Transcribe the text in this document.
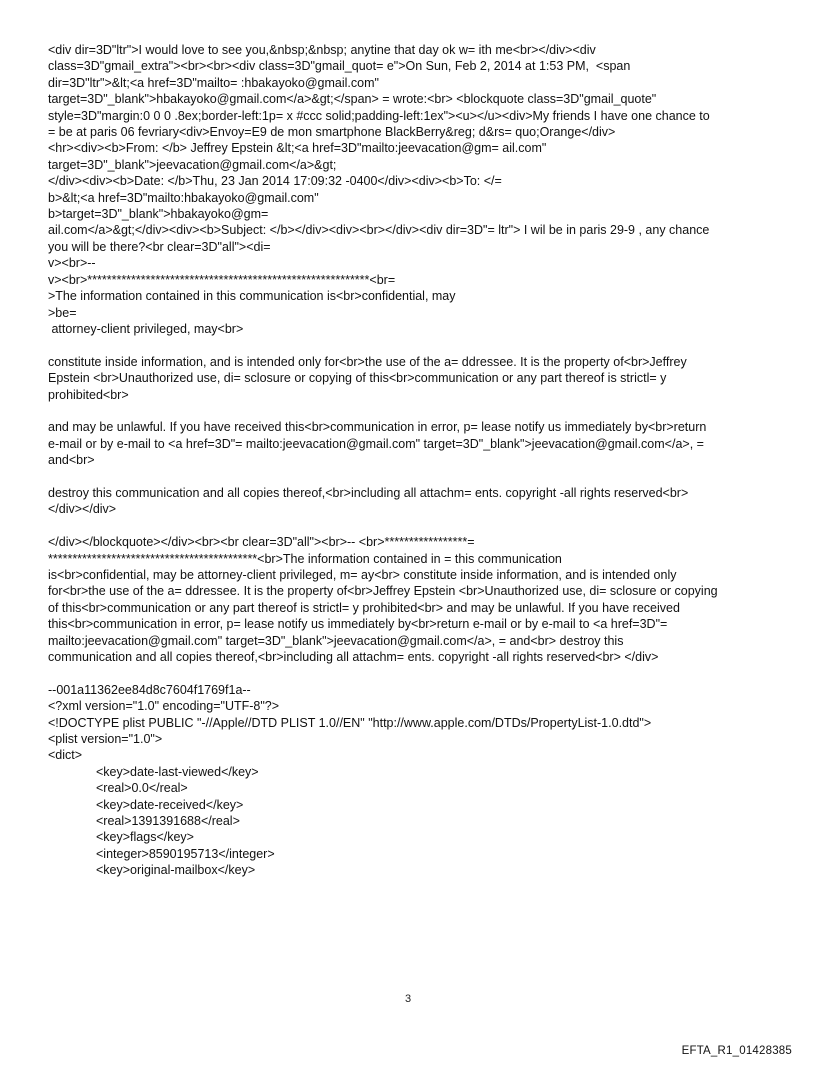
<div dir=3D"ltr">I would love to see you,&nbsp;&nbsp; anytine that day ok w= ith me<br></div><div

class=3D"gmail_extra"><br><br><div class=3D"gmail_quot= e">On Sun, Feb 2, 2014 at 1:53 PM,  <span

dir=3D"ltr">&lt;<a href=3D"mailto= :hbakayoko@gmail.com"

target=3D"_blank">hbakayoko@gmail.com</a>&gt;</span> = wrote:<br> <blockquote class=3D"gmail_quote"

style=3D"margin:0 0 0 .8ex;border-left:1p= x #ccc solid;padding-left:1ex"><u></u><div>My friends I have one chance to

= be at paris 06 fevriary<div>Envoy=E9 de mon smartphone BlackBerry&reg; d&rs= quo;Orange</div>

<hr><div><b>From: </b> Jeffrey Epstein &lt;<a href=3D"mailto:jeevacation@gm= ail.com"

target=3D"_blank">jeevacation@gmail.com</a>&gt;

</div><div><b>Date: </b>Thu, 23 Jan 2014 17:09:32 -0400</div><div><b>To: </=

b>&lt;<a href=3D"mailto:hbakayoko@gmail.com"

b>target=3D"_blank">hbakayoko@gm=

ail.com</a>&gt;</div><div><b>Subject: </b></div><div><br></div><div dir=3D"= ltr"> I wil be in paris 29-9 , any chance

you will be there?<br clear=3D"all"><di=

v><br>--

v><br>**********************************************************<br=

>The information contained in this communication is<br>confidential, may

>be=

attorney-client privileged, may<br>

constitute inside information, and is intended only for<br>the use of the a= ddressee. It is the property of<br>Jeffrey

Epstein <br>Unauthorized use, di= sclosure or copying of this<br>communication or any part thereof is strictl= y

prohibited<br>

and may be unlawful. If you have received this<br>communication in error, p= lease notify us immediately by<br>return

e-mail or by e-mail to <a href=3D"= mailto:jeevacation@gmail.com" target=3D"_blank">jeevacation@gmail.com</a>, =

and<br>

destroy this communication and all copies thereof,<br>including all attachm= ents. copyright -all rights reserved<br>

</div></div>

</div></blockquote></div><br><br clear=3D"all"><br>-- <br>*****************=

*******************************************<br>The information contained in = this communication

is<br>confidential, may be attorney-client privileged, m= ay<br> constitute inside information, and is intended only

for<br>the use of the a= ddressee. It is the property of<br>Jeffrey Epstein <br>Unauthorized use, di= sclosure or copying

of this<br>communication or any part thereof is strictl= y prohibited<br> and may be unlawful. If you have received

this<br>communication in error, p= lease notify us immediately by<br>return e-mail or by e-mail to <a href=3D"=

mailto:jeevacation@gmail.com" target=3D"_blank">jeevacation@gmail.com</a>, = and<br> destroy this

communication and all copies thereof,<br>including all attachm= ents. copyright -all rights reserved<br> </div>

--001a11362ee84d8c7604f1769f1a--

<?xml version="1.0" encoding="UTF-8"?>

<!DOCTYPE plist PUBLIC "-//Apple//DTD PLIST 1.0//EN" "http://www.apple.com/DTDs/PropertyList-1.0.dtd">

<plist version="1.0">

<dict>

<key>date-last-viewed</key>

<real>0.0</real>

<key>date-received</key>

<real>1391391688</real>

<key>flags</key>

<integer>8590195713</integer>

<key>original-mailbox</key>

3
EFTA_R1_01428385
